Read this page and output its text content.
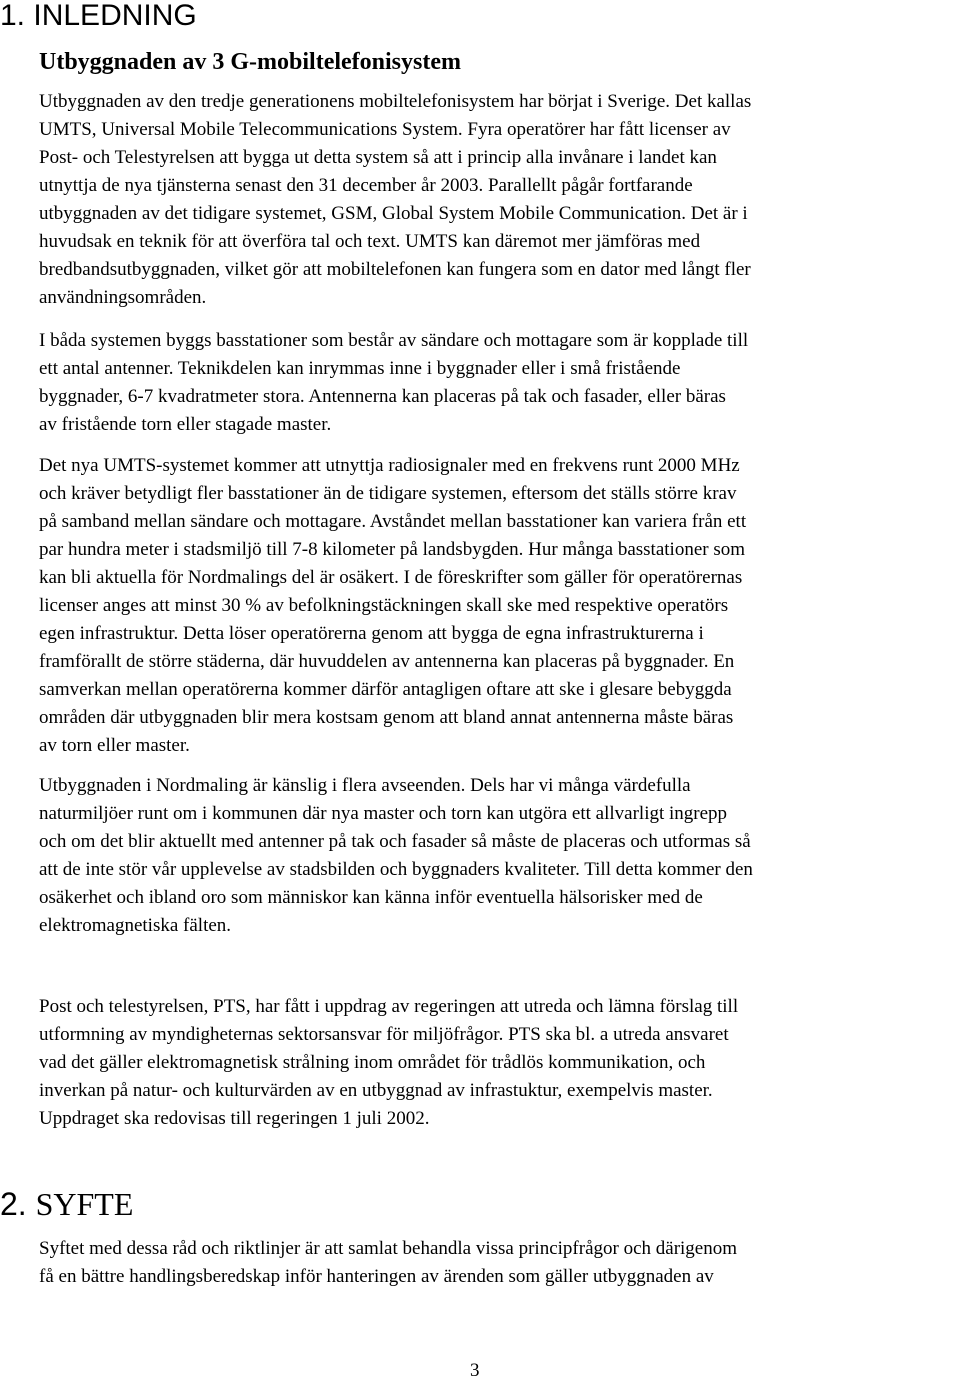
1. INLEDNING
Utbyggnaden av 3 G-mobiltelefonisystem
Utbyggnaden av den tredje generationens mobiltelefonisystem har börjat i Sverige. Det kallas
UMTS, Universal Mobile Telecommunications System. Fyra operatörer har fått licenser av
Post- och Telestyrelsen att bygga ut detta system så att i princip alla invånare i landet kan
utnyttja de nya tjänsterna senast den 31 december år 2003. Parallellt pågår fortfarande
utbyggnaden av det tidigare systemet, GSM, Global System Mobile Communication. Det är i
huvudsak en teknik för att överföra tal och text. UMTS kan däremot mer jämföras med
bredbandsutbyggnaden, vilket gör att mobiltelefonen kan fungera som en dator med långt fler
användningsområden.
I båda systemen byggs basstationer som består av sändare och mottagare som är kopplade till
ett antal antenner. Teknikdelen kan inrymmas inne i byggnader eller i små fristående
byggnader, 6-7 kvadratmeter stora. Antennerna kan placeras på tak och fasader, eller bäras
av fristående torn eller stagade master.
Det nya UMTS-systemet kommer att utnyttja radiosignaler med en frekvens runt 2000 MHz
och kräver betydligt fler basstationer än de tidigare systemen, eftersom det ställs större krav
på samband mellan sändare och mottagare. Avståndet mellan basstationer kan variera från ett
par hundra meter i stadsmiljö till 7-8 kilometer på landsbygden. Hur många basstationer som
kan bli aktuella för Nordmalings del är osäkert. I de föreskrifter som gäller för operatörernas
licenser anges att minst 30 % av befolkningstäckningen skall ske med respektive operatörs
egen infrastruktur. Detta löser operatörerna genom att bygga de egna infrastrukturerna i
framförallt de större städerna, där huvuddelen av antennerna kan placeras på byggnader. En
samverkan mellan operatörerna kommer därför antagligen oftare att ske i glesare bebyggda
områden där utbyggnaden blir mera kostsam genom att bland annat antennerna måste bäras
av torn eller master.
Utbyggnaden i Nordmaling är känslig i flera avseenden. Dels har vi många värdefulla
naturmiljöer runt om i kommunen där nya master och torn kan utgöra ett allvarligt ingrepp
och om det blir aktuellt med antenner på tak och fasader så måste de placeras och utformas så
att de inte stör vår upplevelse av stadsbilden och byggnaders kvaliteter. Till detta kommer den
osäkerhet och ibland oro som människor kan känna inför eventuella hälsorisker med de
elektromagnetiska fälten.
Post och telestyrelsen, PTS, har fått i uppdrag av regeringen att utreda och lämna förslag till
utformning av myndigheternas sektorsansvar för miljöfrågor. PTS ska bl. a utreda ansvaret
vad det gäller elektromagnetisk strålning inom området för trådlös kommunikation, och
inverkan på natur- och kulturvärden av en utbyggnad av infrastuktur, exempelvis master.
Uppdraget ska redovisas till regeringen 1 juli 2002.
2. SYFTE
Syftet med dessa råd och riktlinjer är att samlat behandla vissa principfrågor och därigenom
få en bättre handlingsberedskap inför hanteringen av ärenden som gäller utbyggnaden av
3
